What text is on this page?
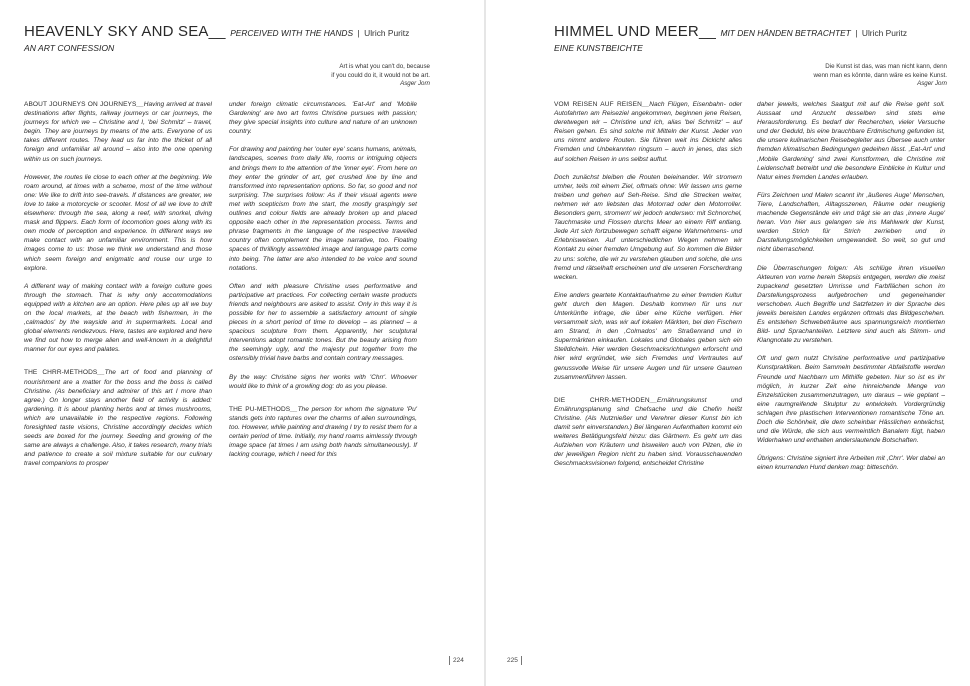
HEAVENLY SKY AND SEA__ PERCEIVED WITH THE HANDS | Ulrich Puritz
AN ART CONFESSION
Art is what you can't do, because
if you could do it, it would not be art.
Asger Jorn

ABOUT JOURNEYS ON JOURNEYS__Having arrived at travel destinations after flights, railway journeys or car journeys, the journeys for which we – Christine and I, 'bei Schmitz' – travel, begin. They are journeys by means of the arts. Everyone of us takes different routes. They lead us far into the thicket of all foreign and unfamiliar all around – also into the one opening within us on such journeys.

However, the routes lie close to each other at the beginning. We roam around, at times with a scheme, most of the time without one: We like to drift into see-travels. If distances are greater, we love to take a motorcycle or scooter. Most of all we love to drift elsewhere: through the sea, along a reef, with snorkel, diving mask and flippers. Each form of locomotion goes along with its own mode of perception and experience. In different ways we make contact with an unfamiliar environment. This is how images come to us: those we think we understand and those which seem foreign and enigmatic and rouse our urge to explore.

A different way of making contact with a foreign culture goes through the stomach. That is why only accommodations equipped with a kitchen are an option. Here piles up all we buy on the local markets, at the beach with fishermen, in the ,calmados' by the wayside and in supermarkets. Local and global elements rendezvous. Here, tastes are explored and here we find out how to merge alien and well-known in a delightful manner for our eyes and palates.

THE CHRR-METHODS__The art of food and planning of nourishment are a matter for the boss and the boss is called Christine. (As beneficiary and admirer of this art I more than agree.) On longer stays another field of activity is added: gardening. It is about planting herbs and at times mushrooms, which are unavailable in the respective regions. Following foresighted taste visions, Christine accordingly decides which seeds are boxed for the journey. Seeding and growing of the same are always a challenge. Also, it takes research, many trials and patience to create a soil mixture suitable for our culinary travel companions to prosper

under foreign climatic circumstances. 'Eat-Art' and 'Mobile Gardening' are two art forms Christine pursues with passion; they give special insights into culture and nature of an unknown country.

For drawing and painting her 'outer eye' scans humans, animals, landscapes, scenes from daily life, rooms or intriguing objects and brings them to the attention of the 'inner eye'. From here on they enter the grinder of art, get crushed line by line and transformed into representation options. So far, so good and not surprising. The surprises follow: As if their visual agents were met with scepticism from the start, the mostly graspingly set outlines and colour fields are already broken up and placed opposite each other in the representation process. Terms and phrase fragments in the language of the respective travelled country often complement the image narrative, too. Floating spaces of thrillingly assembled image and language parts come into being. The latter are also intended to be voice and sound notations.

Often and with pleasure Christine uses performative and participative art practices. For collecting certain waste products friends and neighbours are asked to assist. Only in this way it is possible for her to assemble a satisfactory amount of single pieces in a short period of time to develop – as planned – a spacious sculpture from them. Apparently, her sculptural interventions adopt romantic tones. But the beauty arising from the seemingly ugly, and the majesty put together from the ostensibly trivial have barbs and contain contrary messages.

By the way: Christine signs her works with 'Chrr'. Whoever would like to think of a growling dog: do as you please.

THE PU-METHODS__The person for whom the signature 'Pu' stands gets into raptures over the charms of alien surroundings, too. However, while painting and drawing I try to resist them for a certain period of time. Initially, my hand roams aimlessly through image space (at times I am using both hands simultaneously). If lacking courage, which I need for this

224
HIMMEL UND MEER__ MIT DEN HÄNDEN BETRACHTET | Ulrich Puritz
EINE KUNSTBEICHTE
Die Kunst ist das, was man nicht kann, denn
wenn man es könnte, dann wäre es keine Kunst.
Asger Jorn

VOM REISEN AUF REISEN__Nach Flügen, Eisenbahn- oder Autofahrten am Reiseziel angekommen, beginnen jene Reisen, deretwegen wir – Christine und ich, alias 'bei Schmitz' – auf Reisen gehen. Es sind solche mit Mitteln der Kunst. Jeder von uns nimmt andere Routen. Sie führen weit ins Dickicht alles Fremden und Unbekannten ringsum – auch in jenes, das sich auf solchen Reisen in uns selbst auftut.

Doch zunächst bleiben die Routen beieinander. Wir stromern umher, teils mit einem Ziel, oftmals ohne: Wir lassen uns gerne treiben und gehen auf Seh-Reise. Sind die Strecken weiter, nehmen wir am liebsten das Motorrad oder den Motorroller. Besonders gern, stromern' wir jedoch anderswo: mit Schnorchel, Tauchmaske und Flossen durchs Meer an einem Riff entlang. Jede Art sich fortzubewegen schafft eigene Wahrnehmens- und Erlebnisweisen. Auf unterschiedlichen Wegen nehmen wir Kontakt zu einer fremden Umgebung auf. So kommen die Bilder zu uns: solche, die wir zu verstehen glauben und solche, die uns fremd und rätselhaft erscheinen und die unseren Forscherdrang wecken.

Eine anders geartete Kontaktaufnahme zu einer fremden Kultur geht durch den Magen. Deshalb kommen für uns nur Unterkünfte infrage, die über eine Küche verfügen. Hier versammelt sich, was wir auf lokalen Märkten, bei den Fischern am Strand, in den ,Colmados' am Straßenrand und in Supermärkten einkaufen. Lokales und Globales geben sich ein Stelldichein. Hier werden Geschmacksrichtungen erforscht und hier wird ergründet, wie sich Fremdes und Vertrautes auf genussvolle Weise für unsere Augen und für unsere Gaumen zusammenführen lassen.

DIE CHRR-METHODEN__Ernährungskunst und Ernährungsplanung sind Chefsache und die Chefin heißt Christine. (Als Nutznießer und Verehrer dieser Kunst bin ich damit sehr einverstanden.) Bei längeren Aufenthalten kommt ein weiteres Betätigungsfeld hinzu: das Gärtnern. Es geht um das Aufziehen von Kräutern und bisweilen auch von Pilzen, die in der jeweiligen Region nicht zu haben sind. Vorausschauenden Geschmacksvisionen folgend, entscheidet Christine

daher jeweils, welches Saatgut mit auf die Reise geht soll. Aussaat und Anzucht desselben sind stets eine Herausforderung. Es bedarf der Recherchen, vieler Versuche und der Geduld, bis eine brauchbare Erdmischung gefunden ist, die unsere kulinarischen Reisebegleiter aus Übersee auch unter fremden klimatischen Bedingungen gedeihen lässt. ,Eat-Art' und ,Mobile Gardening' sind zwei Kunstformen, die Christine mit Leidenschaft betreibt und die besondere Einblicke in Kultur und Natur eines fremden Landes erlauben.

Fürs Zeichnen und Malen scannt ihr ,äußeres Auge' Menschen, Tiere, Landschaften, Alltagsszenen, Räume oder neugierig machende Gegenstände ein und trägt sie an das ,innere Auge' heran. Von hier aus gelangen sie ins Mahlwerk der Kunst, werden Strich für Strich zerrieben und in Darstellungsmöglichkeiten umgewandelt. So weit, so gut und nicht überraschend.

Die Überraschungen folgen: Als schlüge ihren visuellen Akteuren von vorne herein Skepsis entgegen, werden die meist zupackend gesetzten Umrisse und Farbflächen schon im Darstellungsprozess aufgebrochen und gegeneinander verschoben. Auch Begriffe und Satzfetzen in der Sprache des jeweils bereisten Landes ergänzen oftmals das Bildgeschehen. Es entstehen Schwebeträume aus spannungsreich montierten Bild- und Sprachanteilen. Letztere sind auch als Stimm- und Klangnotate zu verstehen.

Oft und gern nutzt Christine performative und partizipative Kunstpraktiken. Beim Sammeln bestimmter Abfallstoffe werden Freunde und Nachbarn um Mithilfe gebeten. Nur so ist es ihr möglich, in kurzer Zeit eine hinreichende Menge von Einzelstücken zusammenzutragen, um daraus – wie geplant – eine raumgreifende Skulptur zu entwickeln. Vordergründig schlagen ihre plastischen Interventionen romantische Töne an. Doch die Schönheit, die dem scheinbar Hässlichen entwächst, und die Würde, die sich aus vermeintlich Banalem fügt, haben Widerhaken und enthalten anderslautende Botschaften.

Übrigens: Christine signiert ihre Arbeiten mit ,Chrr'. Wer dabei an einen knurrenden Hund denken mag: bitteschön.

225
